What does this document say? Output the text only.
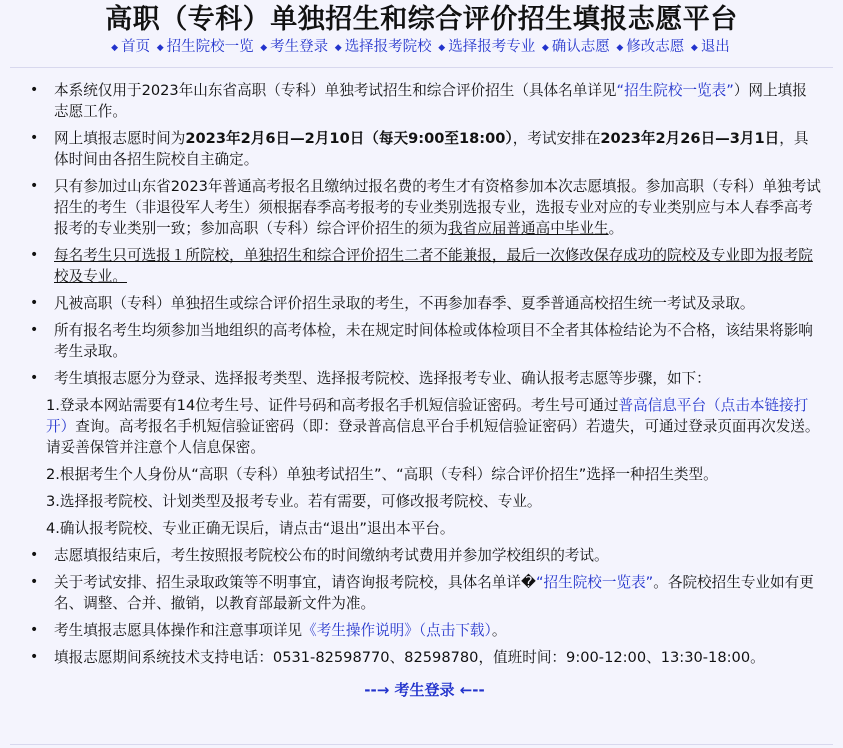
高职（专科）单独招生和综合评价招生填报志愿平台
◆ 首页 ◆ 招生院校一览 ◆ 考生登录 ◆ 选择报考院校 ◆ 选择报考专业 ◆ 确认志愿 ◆ 修改志愿 ◆ 退出
• 本系统仅用于2023年山东省高职（专科）单独考试招生和综合评价招生（具体名单详见“招生院校一览表”）网上填报志愿工作。
• 网上填报志愿时间为2023年2月6日—2月10日（每天9:00至18:00），考试安排在2023年2月26日—3月1日，具体时间由各招生院校自主确定。
• 只有参加过山东省2023年普通高考报名且缴纳过报名费的考生才有资格参加本次志愿填报。参加高职（专科）单独考试招生的考生（非退役军人考生）须根据春季高考报考的专业类别选报专业，选报专业对应的专业类别应与本人春季高考报考的专业类别一致；参加高职（专科）综合评价招生的须为我省应届普通高中毕业生。
• 每名考生只可选报１所院校，单独招生和综合评价招生二者不能兼报，最后一次修改保存成功的院校及专业即为报考院校及专业。
• 凡被高职（专科）单独招生或综合评价招生录取的考生，不再参加春季、夏季普通高校招生统一考试及录取。
• 所有报名考生均须参加当地组织的高考体检，未在规定时间体检或体检项目不全者其体检结论为不合格，该结果将影响考生录取。
• 考生填报志愿分为登录、选择报考类型、选择报考院校、选择报考专业、确认报考志愿等步骤，如下：
1.登录本网站需要有14位考生号、证件号码和高考报名手机短信验证密码。考生号可通过普高信息平台（点击本链接打开）查询。高考报名手机短信验证密码（即：登录普高信息平台手机短信验证密码）若遗失，可通过登录页面再次发送。请妥善保管并注意个人信息保密。
2.根据考生个人身份从“高职（专科）单独考试招生”、“高职（专科）综合评价招生”选择一种招生类型。
3.选择报考院校、计划类型及报考专业。若有需要，可修改报考院校、专业。
4.确认报考院校、专业正确无误后，请点击“退出”退出本平台。
• 志愿填报结束后，考生按照报考院校公布的时间缴纳考试费用并参加学校组织的考试。
• 关于考试安排、招生录取政策等不明事宜，请咨询报考院校，具体名单详�“招生院校一览表”。各院校招生专业如有更名、调整、合并、撤销，以教育部最新文件为准。
• 考生填报志愿具体操作和注意事项详见《考生操作说明》（点击下载）。
• 填报志愿期间系统技术支持电话：0531-82598770、82598780，值班时间：9:00-12:00、13:30-18:00。
--→ 考生登录 ←--
